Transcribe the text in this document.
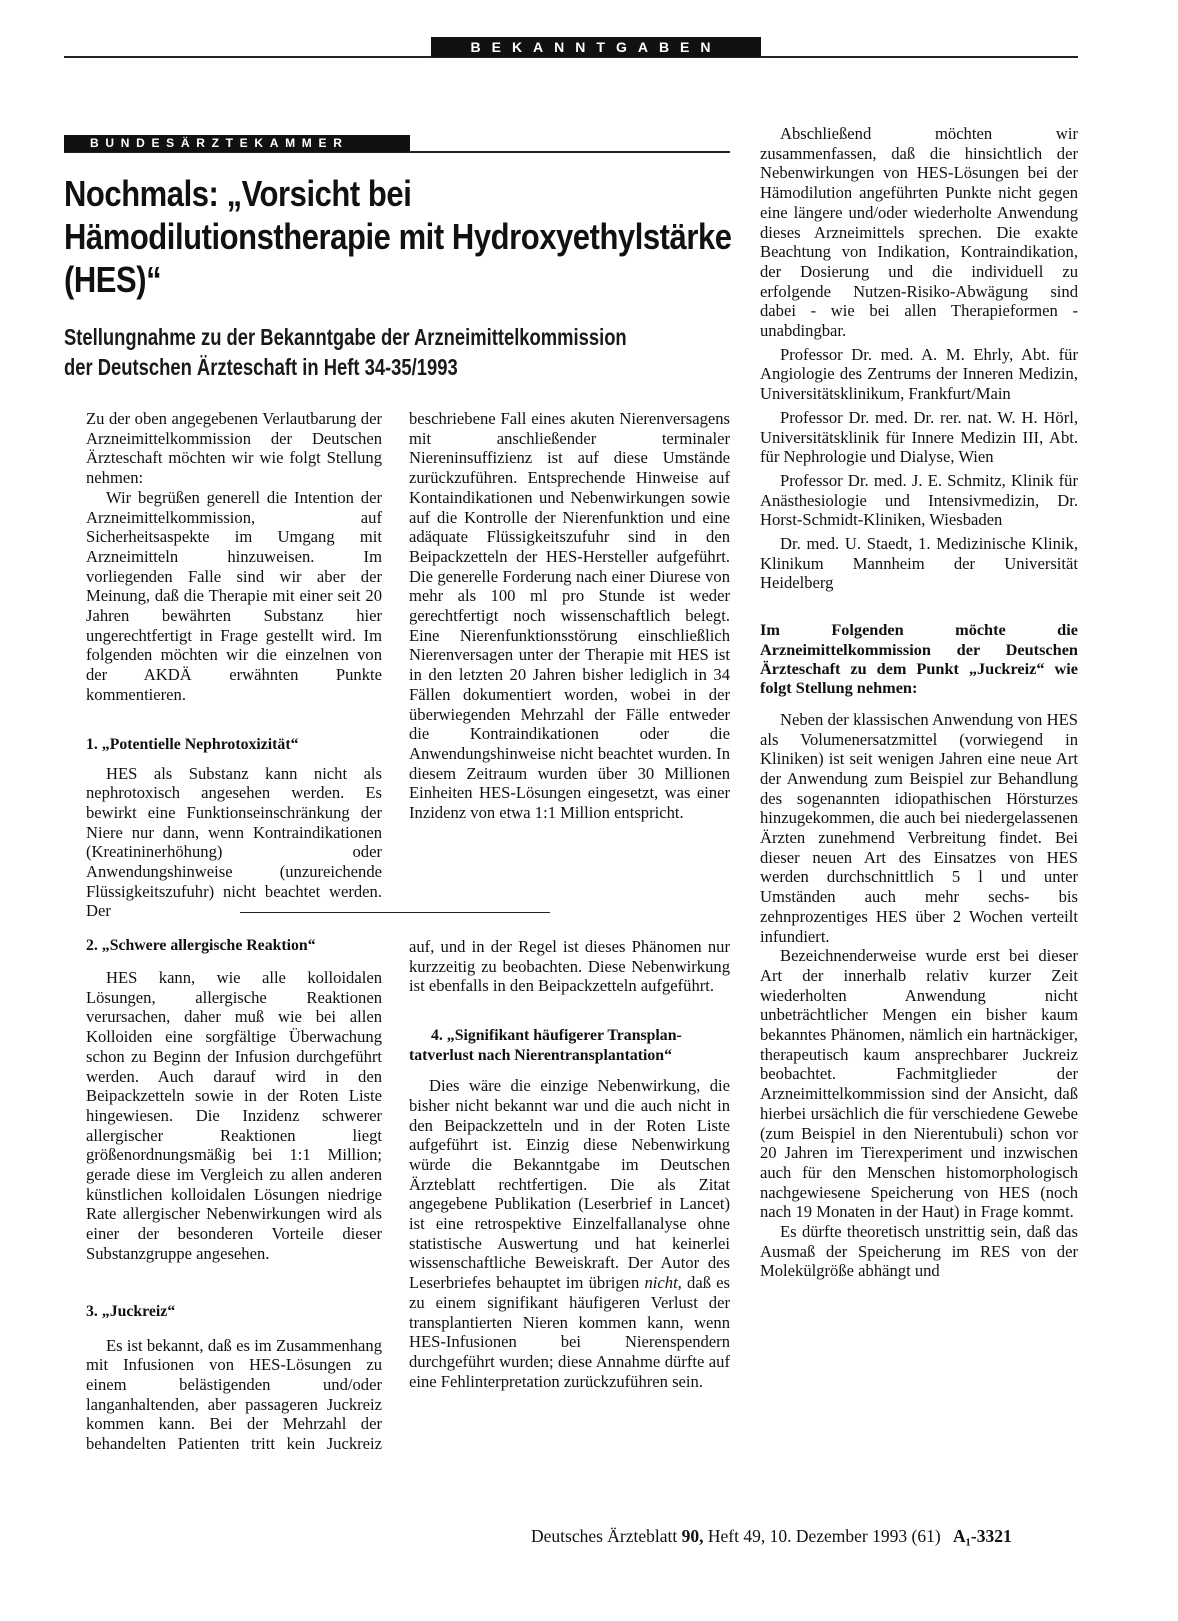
BEKANNTGABEN
BUNDESÄRZTEKAMMER
Nochmals: „Vorsicht bei
Hämodilutionstherapie mit Hydroxyethylstärke
(HES)“
Stellungnahme zu der Bekanntgabe der Arzneimittelkommission
der Deutschen Ärzteschaft in Heft 34-35/1993

Zu der oben angegebenen Verlautbarung der Arzneimittelkommission der Deutschen Ärzteschaft möchten wir wie folgt Stellung nehmen:

Wir begrüßen generell die Intention der Arzneimittelkommission, auf Sicherheitsaspekte im Umgang mit Arzneimitteln hinzuweisen. Im vorliegenden Falle sind wir aber der Meinung, daß die Therapie mit einer seit 20 Jahren bewährten Substanz hier ungerechtfertigt in Frage gestellt wird. Im folgenden möchten wir die einzelnen von der AKDÄ erwähnten Punkte kommentieren.

1. „Potentielle Nephrotoxizität“

HES als Substanz kann nicht als nephrotoxisch angesehen werden. Es bewirkt eine Funktionseinschränkung der Niere nur dann, wenn Kontraindikationen (Kreatininerhöhung) oder Anwendungshinweise (unzureichende Flüssigkeitszufuhr) nicht beachtet werden. Der

beschriebene Fall eines akuten Nierenversagens mit anschließender terminaler Niereninsuffizienz ist auf diese Umstände zurückzuführen. Entsprechende Hinweise auf Kontaindikationen und Nebenwirkungen sowie auf die Kontrolle der Nierenfunktion und eine adäquate Flüssigkeitszufuhr sind in den Beipackzetteln der HES-Hersteller aufgeführt. Die generelle Forderung nach einer Diurese von mehr als 100 ml pro Stunde ist weder gerechtfertigt noch wissenschaftlich belegt. Eine Nierenfunktionsstörung einschließlich Nierenversagen unter der Therapie mit HES ist in den letzten 20 Jahren bisher lediglich in 34 Fällen dokumentiert worden, wobei in der überwiegenden Mehrzahl der Fälle entweder die Kontraindikationen oder die Anwendungshinweise nicht beachtet wurden. In diesem Zeitraum wurden über 30 Millionen Einheiten HES-Lösungen eingesetzt, was einer Inzidenz von etwa 1:1 Million entspricht.

2. „Schwere allergische Reaktion“

HES kann, wie alle kolloidalen Lösungen, allergische Reaktionen verursachen, daher muß wie bei allen Kolloiden eine sorgfältige Überwachung schon zu Beginn der Infusion durchgeführt werden. Auch darauf wird in den Beipackzetteln sowie in der Roten Liste hingewiesen. Die Inzidenz schwerer allergischer Reaktionen liegt größenordnungsmäßig bei 1:1 Million; gerade diese im Vergleich zu allen anderen künstlichen kolloidalen Lösungen niedrige Rate allergischer Nebenwirkungen wird als einer der besonderen Vorteile dieser Substanzgruppe angesehen.

3. „Juckreiz“

Es ist bekannt, daß es im Zusammenhang mit Infusionen von HES-Lösungen zu einem belästigenden und/oder langanhaltenden, aber passageren Juckreiz kommen kann. Bei der Mehrzahl der behandelten Patienten tritt kein Juckreiz

auf, und in der Regel ist dieses Phänomen nur kurzzeitig zu beobachten. Diese Nebenwirkung ist ebenfalls in den Beipackzetteln aufgeführt.

4. „Signifikant häufigerer Transplan-
tatverlust nach Nierentransplantation“

Dies wäre die einzige Nebenwirkung, die bisher nicht bekannt war und die auch nicht in den Beipackzetteln und in der Roten Liste aufgeführt ist. Einzig diese Nebenwirkung würde die Bekanntgabe im Deutschen Ärzteblatt rechtfertigen. Die als Zitat angegebene Publikation (Leserbrief in Lancet) ist eine retrospektive Einzelfallanalyse ohne statistische Auswertung und hat keinerlei wissenschaftliche Beweiskraft. Der Autor des Leserbriefes behauptet im übrigen nicht, daß es zu einem signifikant häufigeren Verlust der transplantierten Nieren kommen kann, wenn HES-Infusionen bei Nierenspendern durchgeführt wurden; diese Annahme dürfte auf eine Fehlinterpretation zurückzuführen sein.

Abschließend möchten wir zusammenfassen, daß die hinsichtlich der Nebenwirkungen von HES-Lösungen bei der Hämodilution angeführten Punkte nicht gegen eine längere und/oder wiederholte Anwendung dieses Arzneimittels sprechen. Die exakte Beachtung von Indikation, Kontraindikation, der Dosierung und die individuell zu erfolgende Nutzen-Risiko-Abwägung sind dabei - wie bei allen Therapieformen - unabdingbar.

Professor Dr. med. A. M. Ehrly, Abt. für Angiologie des Zentrums der Inneren Medizin, Universitätsklinikum, Frankfurt/Main

Professor Dr. med. Dr. rer. nat. W. H. Hörl, Universitätsklinik für Innere Medizin III, Abt. für Nephrologie und Dialyse, Wien

Professor Dr. med. J. E. Schmitz, Klinik für Anästhesiologie und Intensivmedizin, Dr. Horst-Schmidt-Kliniken, Wiesbaden

Dr. med. U. Staedt, 1. Medizinische Klinik, Klinikum Mannheim der Universität Heidelberg

Im Folgenden möchte die Arzneimittelkommission der Deutschen Ärzteschaft zu dem Punkt „Juckreiz“ wie folgt Stellung nehmen:

Neben der klassischen Anwendung von HES als Volumenersatzmittel (vorwiegend in Kliniken) ist seit wenigen Jahren eine neue Art der Anwendung zum Beispiel zur Behandlung des sogenannten idiopathischen Hörsturzes hinzugekommen, die auch bei niedergelassenen Ärzten zunehmend Verbreitung findet. Bei dieser neuen Art des Einsatzes von HES werden durchschnittlich 5 l und unter Umständen auch mehr sechs- bis zehnprozentiges HES über 2 Wochen verteilt infundiert.

Bezeichnenderweise wurde erst bei dieser Art der innerhalb relativ kurzer Zeit wiederholten Anwendung nicht unbeträchtlicher Mengen ein bisher kaum bekanntes Phänomen, nämlich ein hartnäckiger, therapeutisch kaum ansprechbarer Juckreiz beobachtet. Fachmitglieder der Arzneimittelkommission sind der Ansicht, daß hierbei ursächlich die für verschiedene Gewebe (zum Beispiel in den Nierentubuli) schon vor 20 Jahren im Tierexperiment und inzwischen auch für den Menschen histomorphologisch nachgewiesene Speicherung von HES (noch nach 19 Monaten in der Haut) in Frage kommt.

Es dürfte theoretisch unstrittig sein, daß das Ausmaß der Speicherung im RES von der Molekülgröße abhängt und

Deutsches Ärzteblatt 90, Heft 49, 10. Dezember 1993 (61) A₁-3321
